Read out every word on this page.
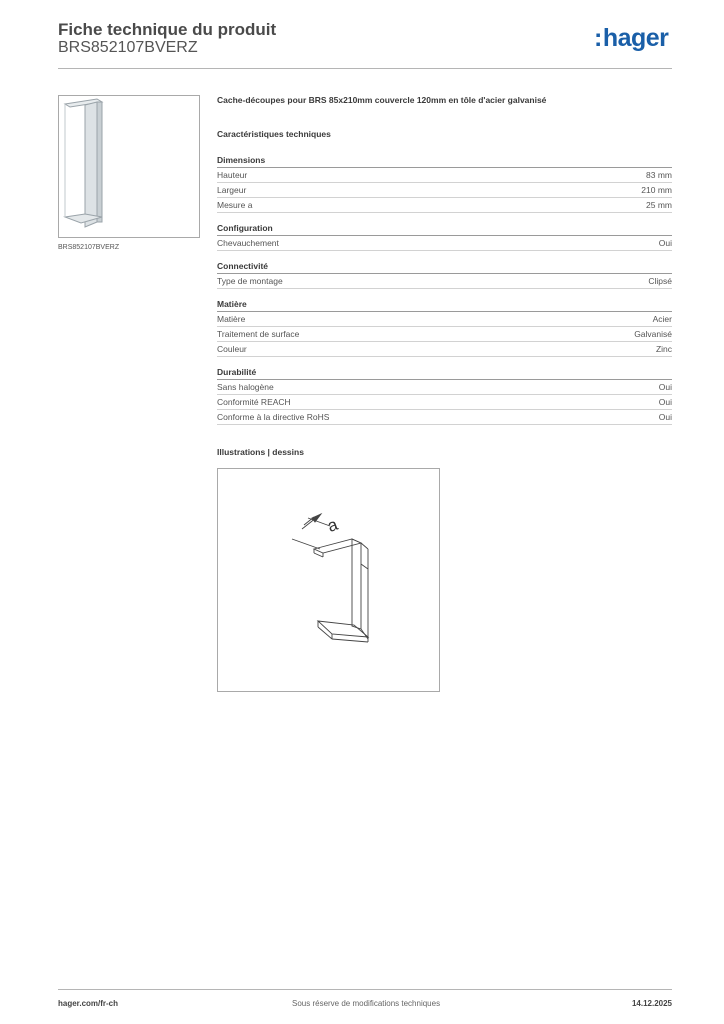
Fiche technique du produit
BRS852107BVERZ	:hager
BRS852107BVERZ
Cache-découpes pour BRS 85x210mm couvercle 120mm en tôle d'acier galvanisé
Caractéristiques techniques
Dimensions
Hauteur	83 mm
Largeur	210 mm
Mesure a	25 mm
Configuration
Chevauchement	Oui
Connectivité
Type de montage	Clipsé
Matière
Matière	Acier
Traitement de surface	Galvanisé
Couleur	Zinc
Durabilité
Sans halogène	Oui
Conformité REACH	Oui
Conforme à la directive RoHS	Oui
Illustrations | dessins
a
hager.com/fr-ch	Sous réserve de modifications techniques	14.12.2025
